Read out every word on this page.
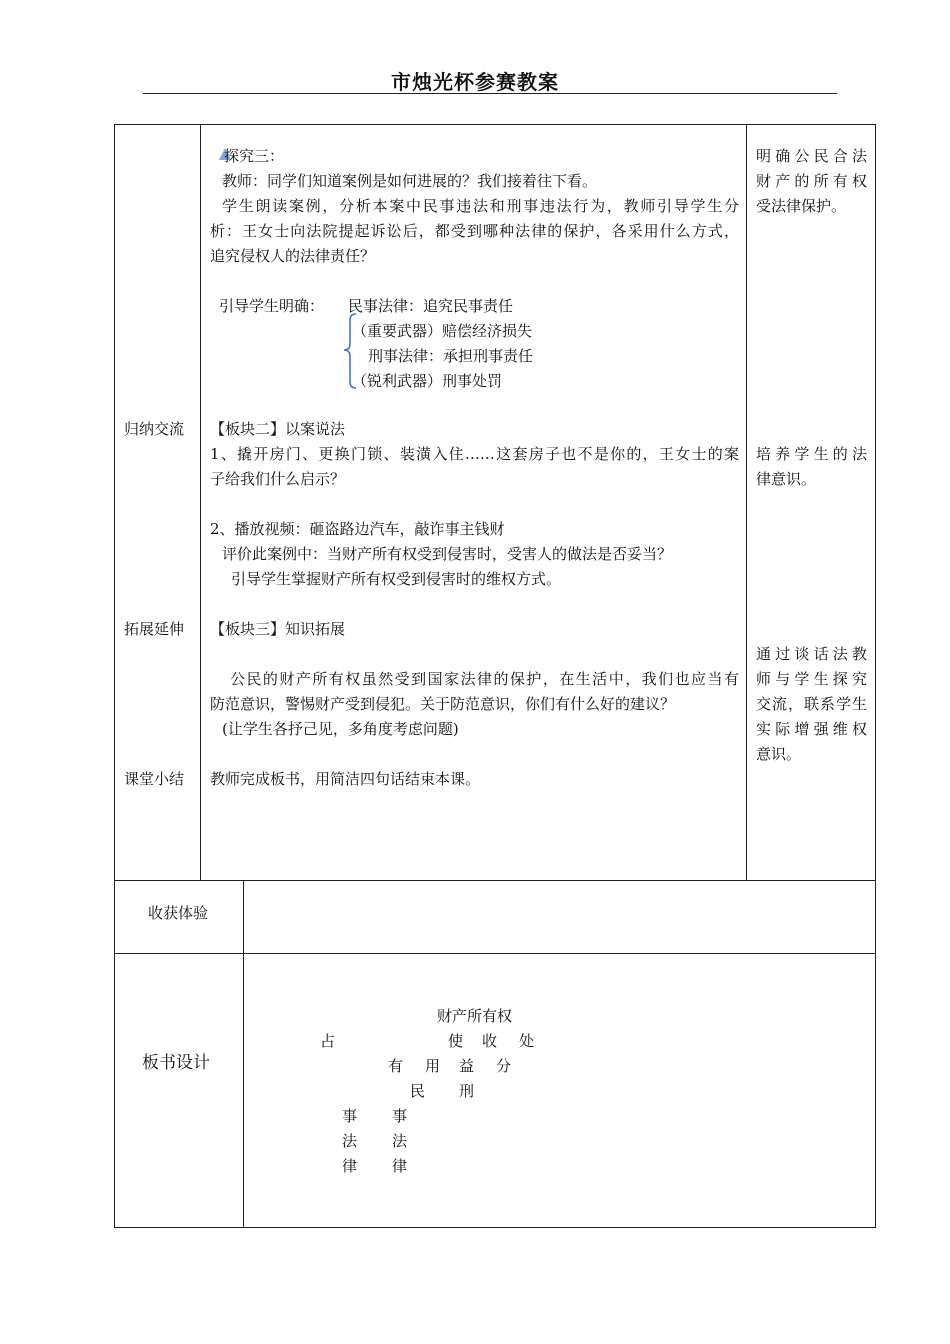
市烛光杯参赛教案
归纳交流
拓展延伸
课堂小结
探究三：
教师：同学们知道案例是如何进展的？我们接着往下看。
学生朗读案例，分析本案中民事违法和刑事违法行为，教师引导学生分
析：王女士向法院提起诉讼后，都受到哪种法律的保护，各采用什么方式，
追究侵权人的法律责任？
引导学生明确： 民事法律：追究民事责任
（重要武器）赔偿经济损失
刑事法律：承担刑事责任
（锐利武器）刑事处罚
【板块二】以案说法
1、撬开房门、更换门锁、装潢入住……这套房子也不是你的，王女士的案
子给我们什么启示？
2、播放视频：砸盗路边汽车，敲诈事主钱财
评价此案例中：当财产所有权受到侵害时，受害人的做法是否妥当？
引导学生掌握财产所有权受到侵害时的维权方式。
【板块三】知识拓展
公民的财产所有权虽然受到国家法律的保护，在生活中，我们也应当有
防范意识，警惕财产受到侵犯。关于防范意识，你们有什么好的建议？
(让学生各抒己见，多角度考虑问题)
教师完成板书，用简洁四句话结束本课。
明确公民合法
财产的所有权
受法律保护。
培养学生的法
律意识。
通过谈话法教
师与学生探究
交流，联系学生
实际增强维权
意识。
收获体验
板书设计
财产所有权
占	使 收 处
有 用 益 分
民 刑
事 事
法 法
律 律
